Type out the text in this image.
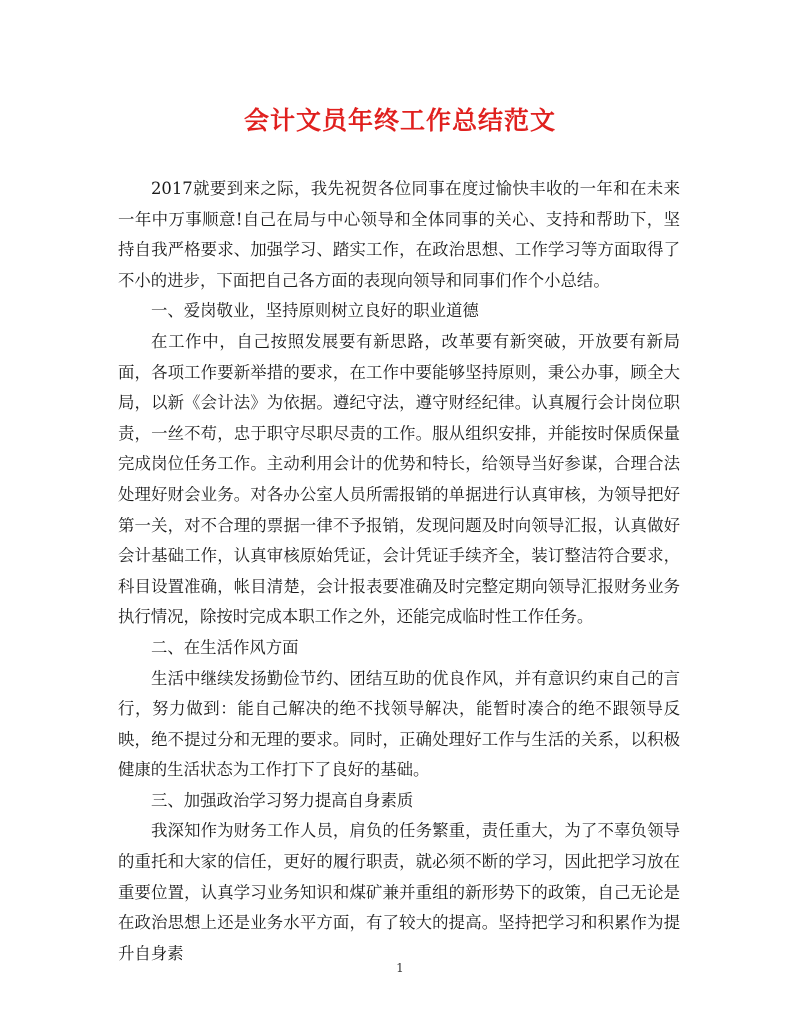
会计文员年终工作总结范文

2017就要到来之际，我先祝贺各位同事在度过愉快丰收的一年和在未来一年中万事顺意!自己在局与中心领导和全体同事的关心、支持和帮助下，坚持自我严格要求、加强学习、踏实工作，在政治思想、工作学习等方面取得了不小的进步，下面把自己各方面的表现向领导和同事们作个小总结。

一、爱岗敬业，坚持原则树立良好的职业道德

在工作中，自己按照发展要有新思路，改革要有新突破，开放要有新局面，各项工作要新举措的要求，在工作中要能够坚持原则，秉公办事，顾全大局，以新《会计法》为依据。遵纪守法，遵守财经纪律。认真履行会计岗位职责，一丝不苟，忠于职守尽职尽责的工作。服从组织安排，并能按时保质保量完成岗位任务工作。主动利用会计的优势和特长，给领导当好参谋，合理合法处理好财会业务。对各办公室人员所需报销的单据进行认真审核，为领导把好第一关，对不合理的票据一律不予报销，发现问题及时向领导汇报，认真做好会计基础工作，认真审核原始凭证，会计凭证手续齐全，装订整洁符合要求，科目设置准确，帐目清楚，会计报表要准确及时完整定期向领导汇报财务业务执行情况，除按时完成本职工作之外，还能完成临时性工作任务。

二、在生活作风方面

生活中继续发扬勤俭节约、团结互助的优良作风，并有意识约束自己的言行，努力做到：能自己解决的绝不找领导解决，能暂时凑合的绝不跟领导反映，绝不提过分和无理的要求。同时，正确处理好工作与生活的关系，以积极健康的生活状态为工作打下了良好的基础。

三、加强政治学习努力提高自身素质

我深知作为财务工作人员，肩负的任务繁重，责任重大，为了不辜负领导的重托和大家的信任，更好的履行职责，就必须不断的学习，因此把学习放在重要位置，认真学习业务知识和煤矿兼并重组的新形势下的政策，自己无论是在政治思想上还是业务水平方面，有了较大的提高。坚持把学习和积累作为提升自身素

1
